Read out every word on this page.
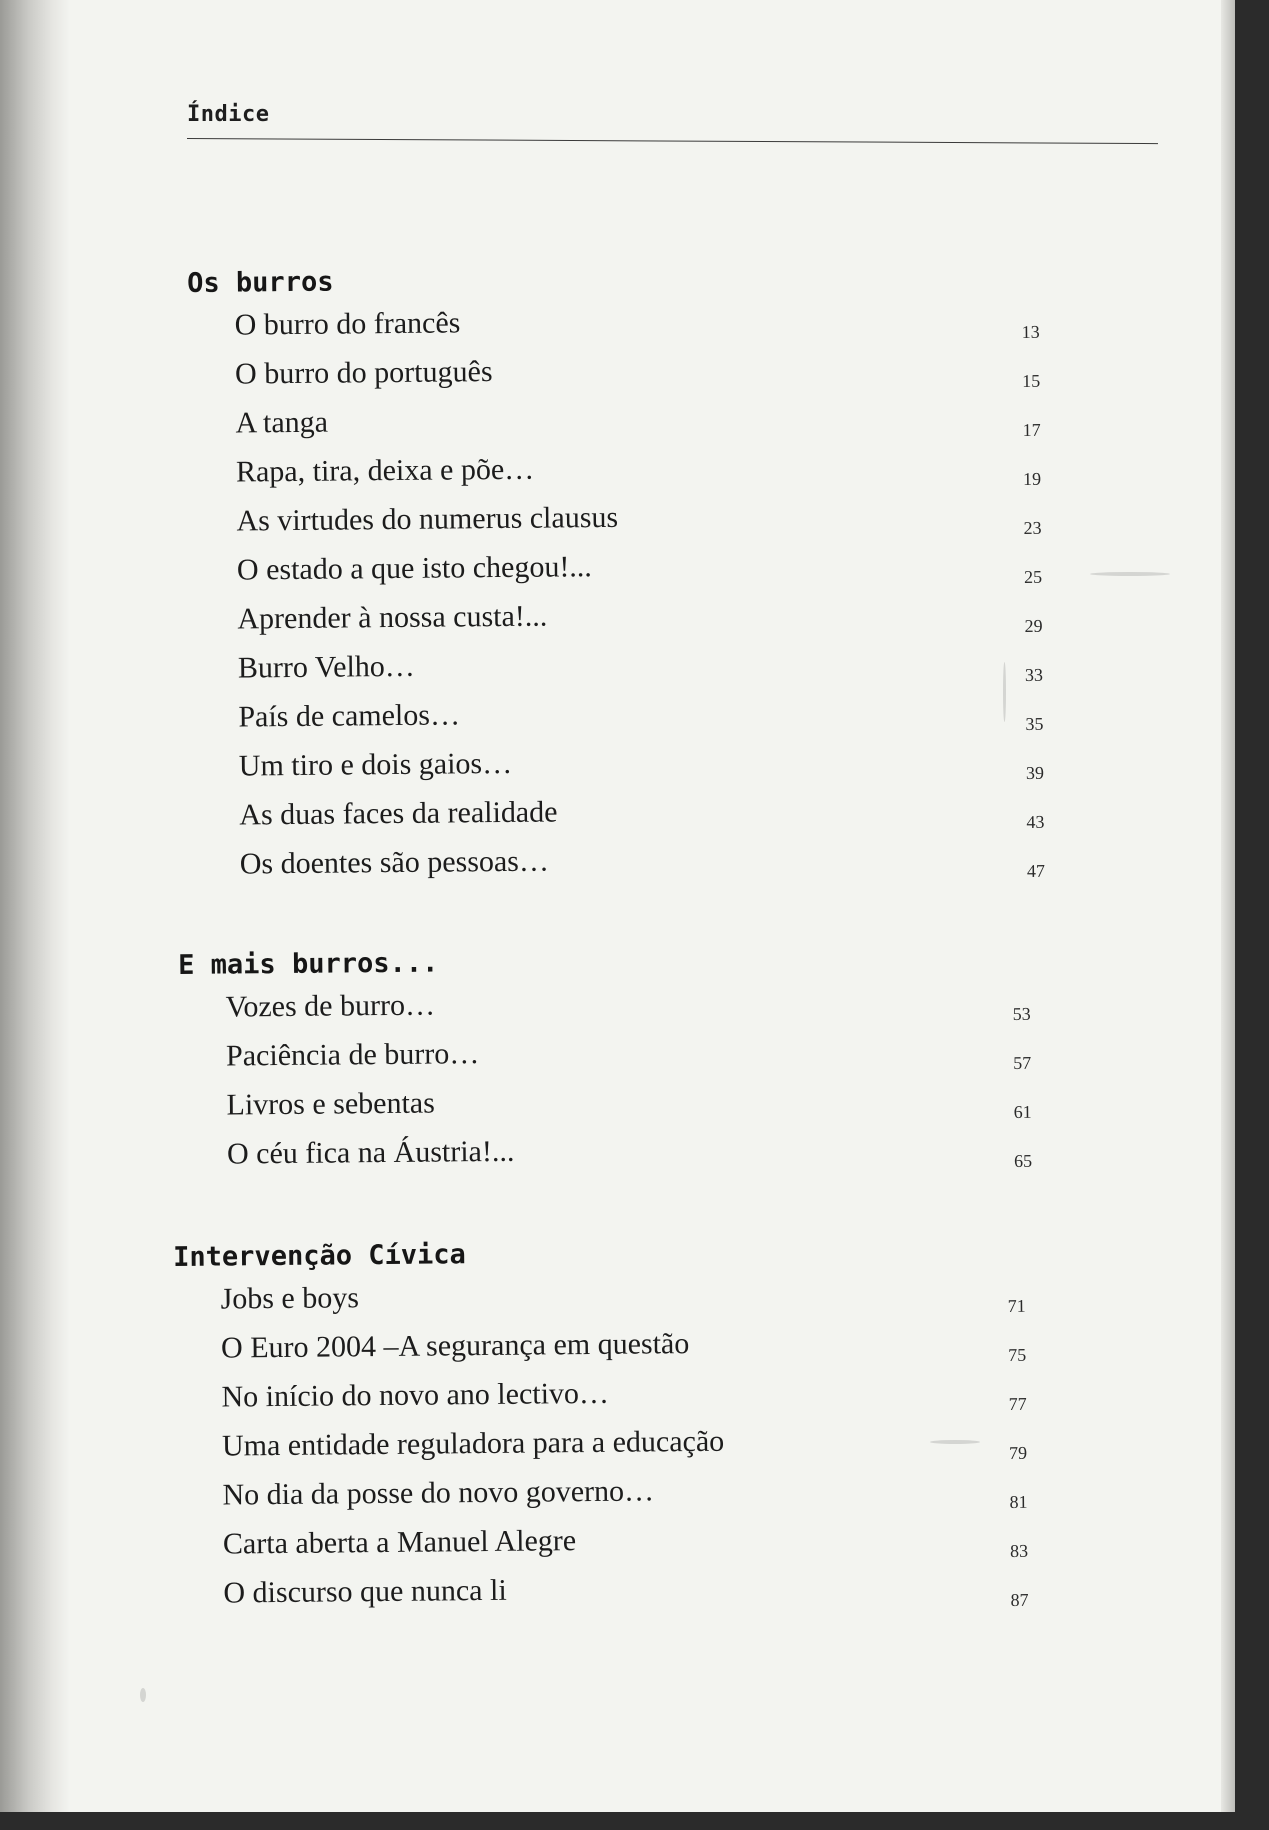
Índice
Os burros
O burro do francês	13
O burro do português	15
A tanga	17
Rapa, tira, deixa e põe…	19
As virtudes do numerus clausus	23
O estado a que isto chegou!...	25
Aprender à nossa custa!...	29
Burro Velho…	33
País de camelos…	35
Um tiro e dois gaios…	39
As duas faces da realidade	43
Os doentes são pessoas…	47
E mais burros...
Vozes de burro…	53
Paciência de burro…	57
Livros e sebentas	61
O céu fica na Áustria!...	65
Intervenção Cívica
Jobs e boys	71
O Euro 2004 –A segurança em questão	75
No início do novo ano lectivo…	77
Uma entidade reguladora para a educação	79
No dia da posse do novo governo…	81
Carta aberta a Manuel Alegre	83
O discurso que nunca li	87
